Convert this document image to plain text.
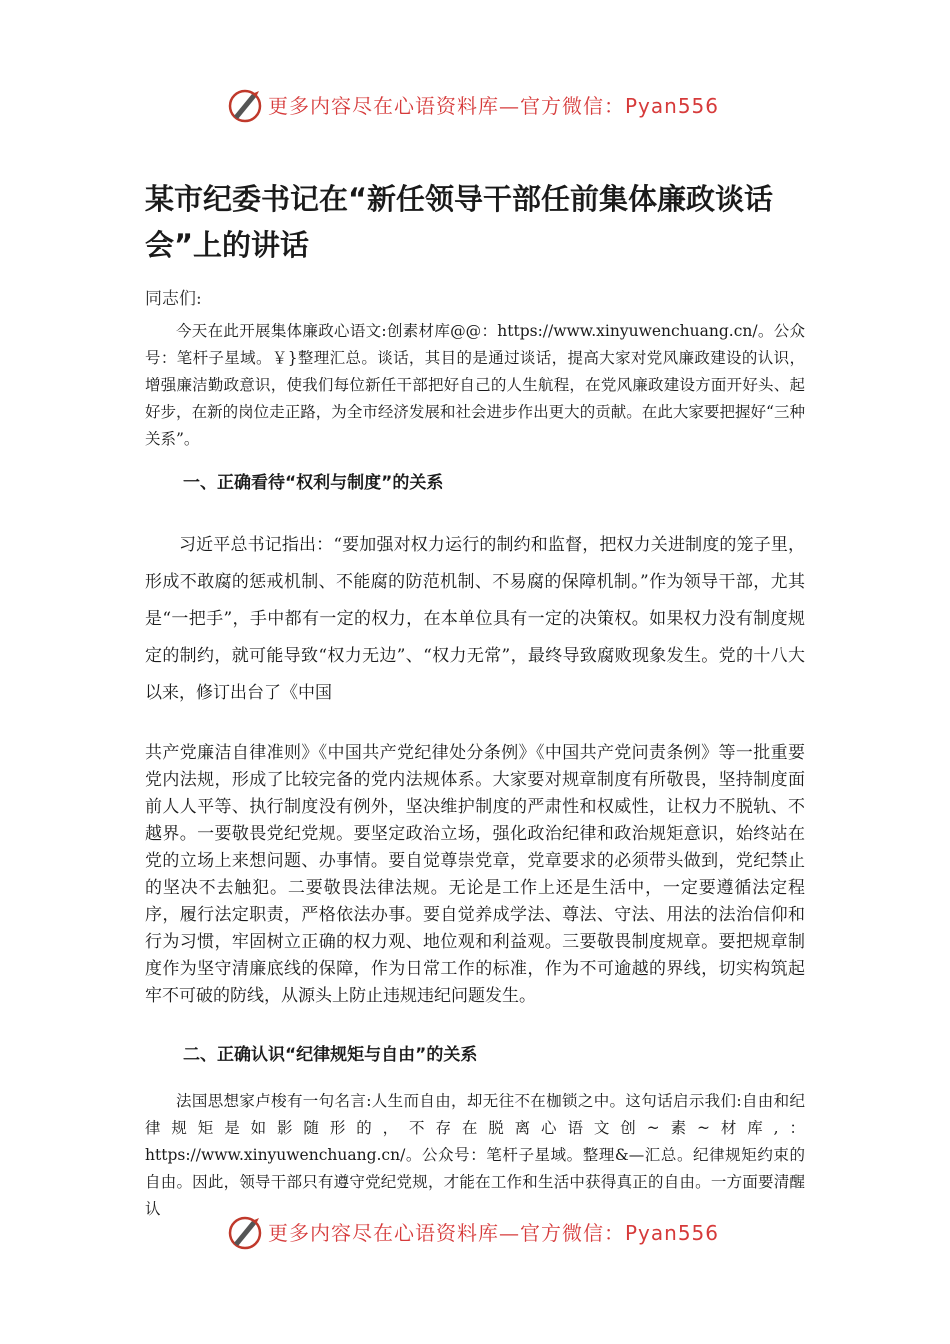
更多内容尽在心语资料库—官方微信：Pyan556
某市纪委书记在“新任领导干部任前集体廉政谈话会”上的讲话

同志们:

今天在此开展集体廉政心语文:创素材库@@：https://www.xinyuwenchuang.cn/。公众号：笔杆子星域。￥}整理汇总。谈话，其目的是通过谈话，提高大家对党风廉政建设的认识，增强廉洁勤政意识，使我们每位新任干部把好自己的人生航程，在党风廉政建设方面开好头、起好步，在新的岗位走正路，为全市经济发展和社会进步作出更大的贡献。在此大家要把握好“三种关系”。

一、正确看待“权利与制度”的关系

习近平总书记指出：“要加强对权力运行的制约和监督，把权力关进制度的笼子里，形成不敢腐的惩戒机制、不能腐的防范机制、不易腐的保障机制。”作为领导干部，尤其是“一把手”，手中都有一定的权力，在本单位具有一定的决策权。如果权力没有制度规定的制约，就可能导致“权力无边”、“权力无常”，最终导致腐败现象发生。党的十八大以来，修订出台了《中国

共产党廉洁自律准则》《中国共产党纪律处分条例》《中国共产党问责条例》等一批重要党内法规，形成了比较完备的党内法规体系。大家要对规章制度有所敬畏，坚持制度面前人人平等、执行制度没有例外，坚决维护制度的严肃性和权威性，让权力不脱轨、不越界。一要敬畏党纪党规。要坚定政治立场，强化政治纪律和政治规矩意识，始终站在党的立场上来想问题、办事情。要自觉尊崇党章，党章要求的必须带头做到，党纪禁止的坚决不去触犯。二要敬畏法律法规。无论是工作上还是生活中，一定要遵循法定程序，履行法定职责，严格依法办事。要自觉养成学法、尊法、守法、用法的法治信仰和行为习惯，牢固树立正确的权力观、地位观和利益观。三要敬畏制度规章。要把规章制度作为坚守清廉底线的保障，作为日常工作的标准，作为不可逾越的界线，切实构筑起牢不可破的防线，从源头上防止违规违纪问题发生。

二、正确认识“纪律规矩与自由”的关系

法国思想家卢梭有一句名言:人生而自由，却无往不在枷锁之中。这句话启示我们:自由和纪律规矩是如影随形的，不存在脱离心语文创~素~材库,：https://www.xinyuwenchuang.cn/。公众号：笔杆子星域。整理&—汇总。纪律规矩约束的自由。因此，领导干部只有遵守党纪党规，才能在工作和生活中获得真正的自由。一方面要清醒认

更多内容尽在心语资料库—官方微信：Pyan556
